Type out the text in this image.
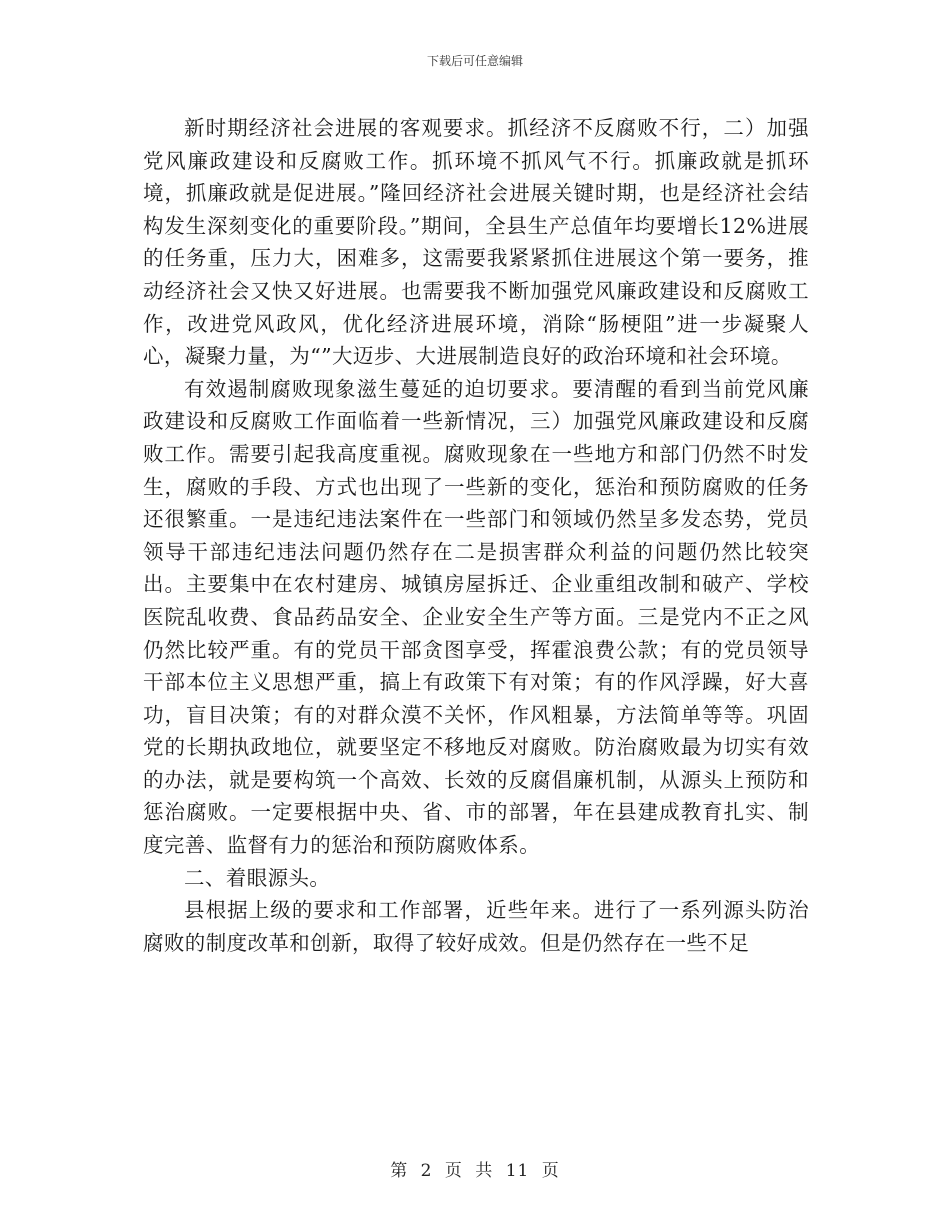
下载后可任意编辑

新时期经济社会进展的客观要求。抓经济不反腐败不行，二）加强党风廉政建设和反腐败工作。抓环境不抓风气不行。抓廉政就是抓环境，抓廉政就是促进展。”隆回经济社会进展关键时期，也是经济社会结构发生深刻变化的重要阶段。”期间，全县生产总值年均要增长12%进展的任务重，压力大，困难多，这需要我紧紧抓住进展这个第一要务，推动经济社会又快又好进展。也需要我不断加强党风廉政建设和反腐败工作，改进党风政风，优化经济进展环境，消除“肠梗阻”进一步凝聚人心，凝聚力量，为“”大迈步、大进展制造良好的政治环境和社会环境。

有效遏制腐败现象滋生蔓延的迫切要求。要清醒的看到当前党风廉政建设和反腐败工作面临着一些新情况，三）加强党风廉政建设和反腐败工作。需要引起我高度重视。腐败现象在一些地方和部门仍然不时发生，腐败的手段、方式也出现了一些新的变化，惩治和预防腐败的任务还很繁重。一是违纪违法案件在一些部门和领域仍然呈多发态势，党员领导干部违纪违法问题仍然存在二是损害群众利益的问题仍然比较突出。主要集中在农村建房、城镇房屋拆迁、企业重组改制和破产、学校医院乱收费、食品药品安全、企业安全生产等方面。三是党内不正之风仍然比较严重。有的党员干部贪图享受，挥霍浪费公款；有的党员领导干部本位主义思想严重，搞上有政策下有对策；有的作风浮躁，好大喜功，盲目决策；有的对群众漠不关怀，作风粗暴，方法简单等等。巩固党的长期执政地位，就要坚定不移地反对腐败。防治腐败最为切实有效的办法，就是要构筑一个高效、长效的反腐倡廉机制，从源头上预防和惩治腐败。一定要根据中央、省、市的部署，年在县建成教育扎实、制度完善、监督有力的惩治和预防腐败体系。

二、着眼源头。

县根据上级的要求和工作部署，近些年来。进行了一系列源头防治腐败的制度改革和创新，取得了较好成效。但是仍然存在一些不足

第 2 页 共 11 页
